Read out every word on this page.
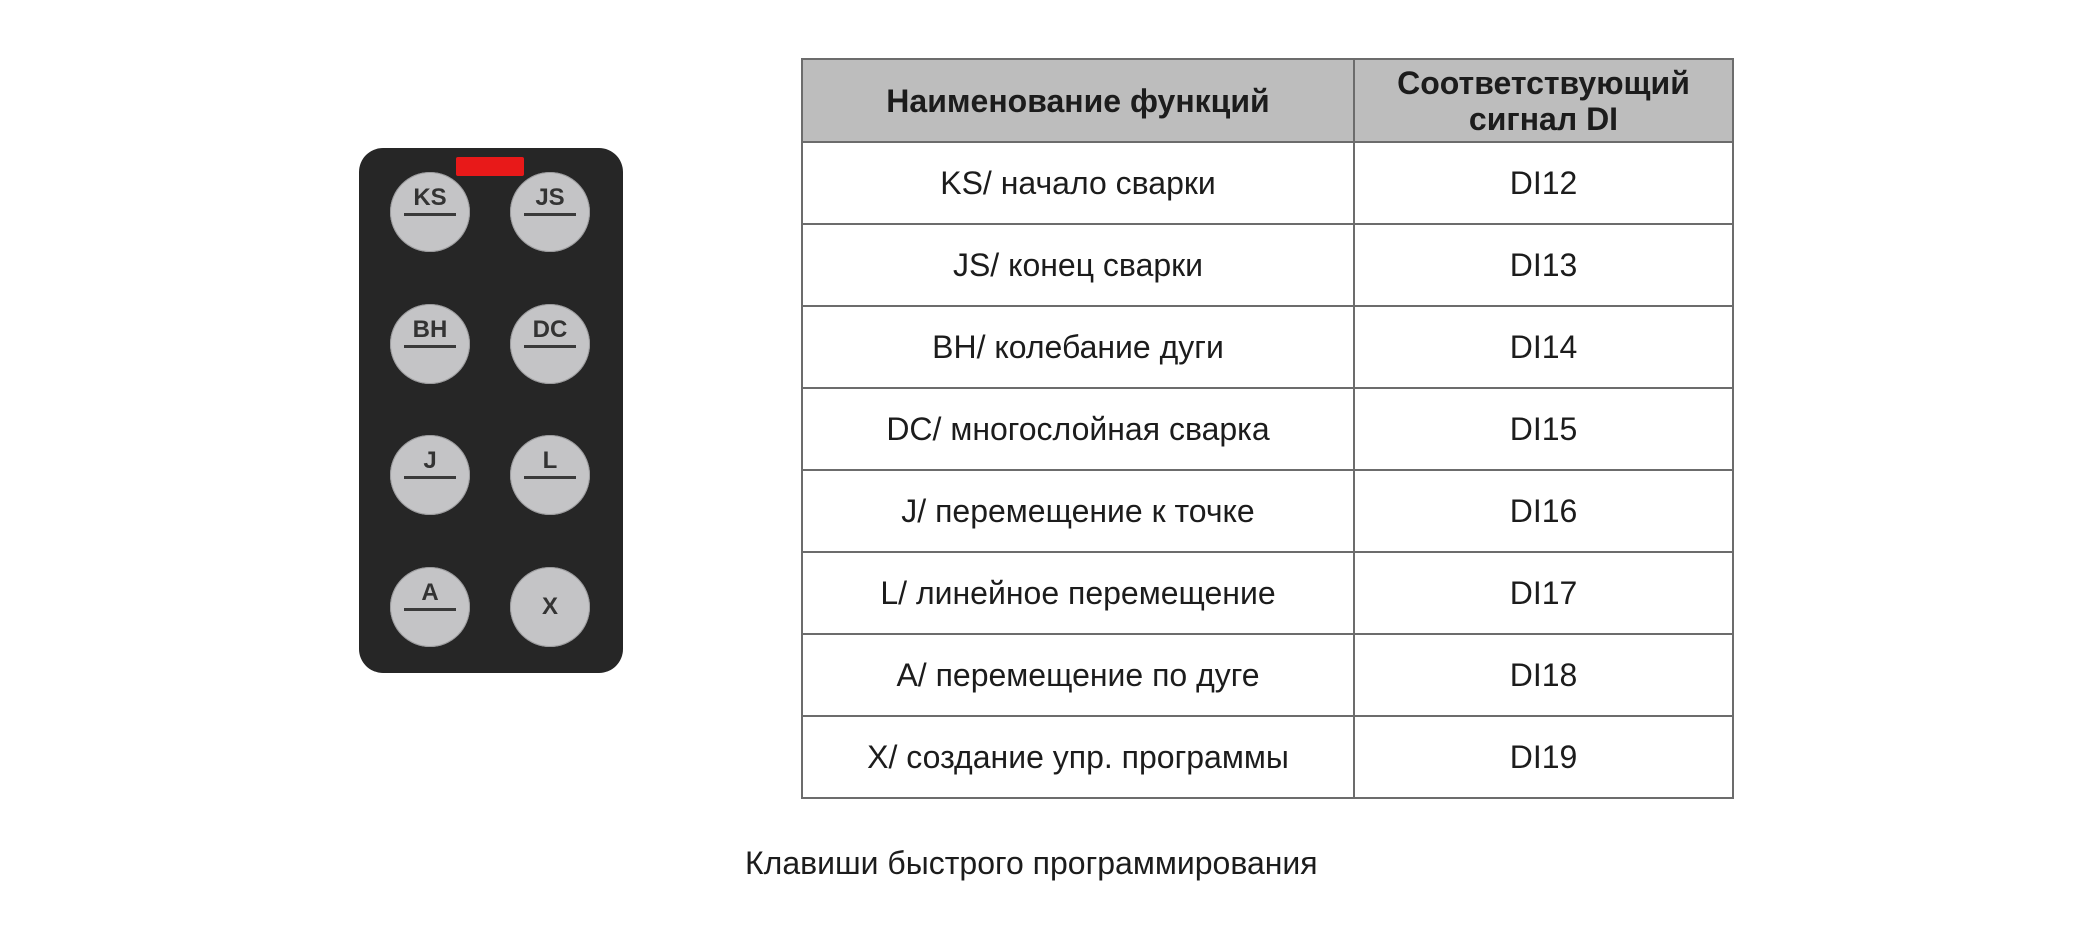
KS	JS
BH	DC
J	L
A
X
Наименование функций	Соответствующий сигнал DI
KS/ начало сварки	DI12
JS/ конец сварки	DI13
BH/ колебание дуги	DI14
DC/ многослойная сварка	DI15
J/ перемещение к точке	DI16
L/ линейное перемещение	DI17
A/ перемещение по дуге	DI18
X/ создание упр. программы	DI19
Клавиши быстрого программирования
